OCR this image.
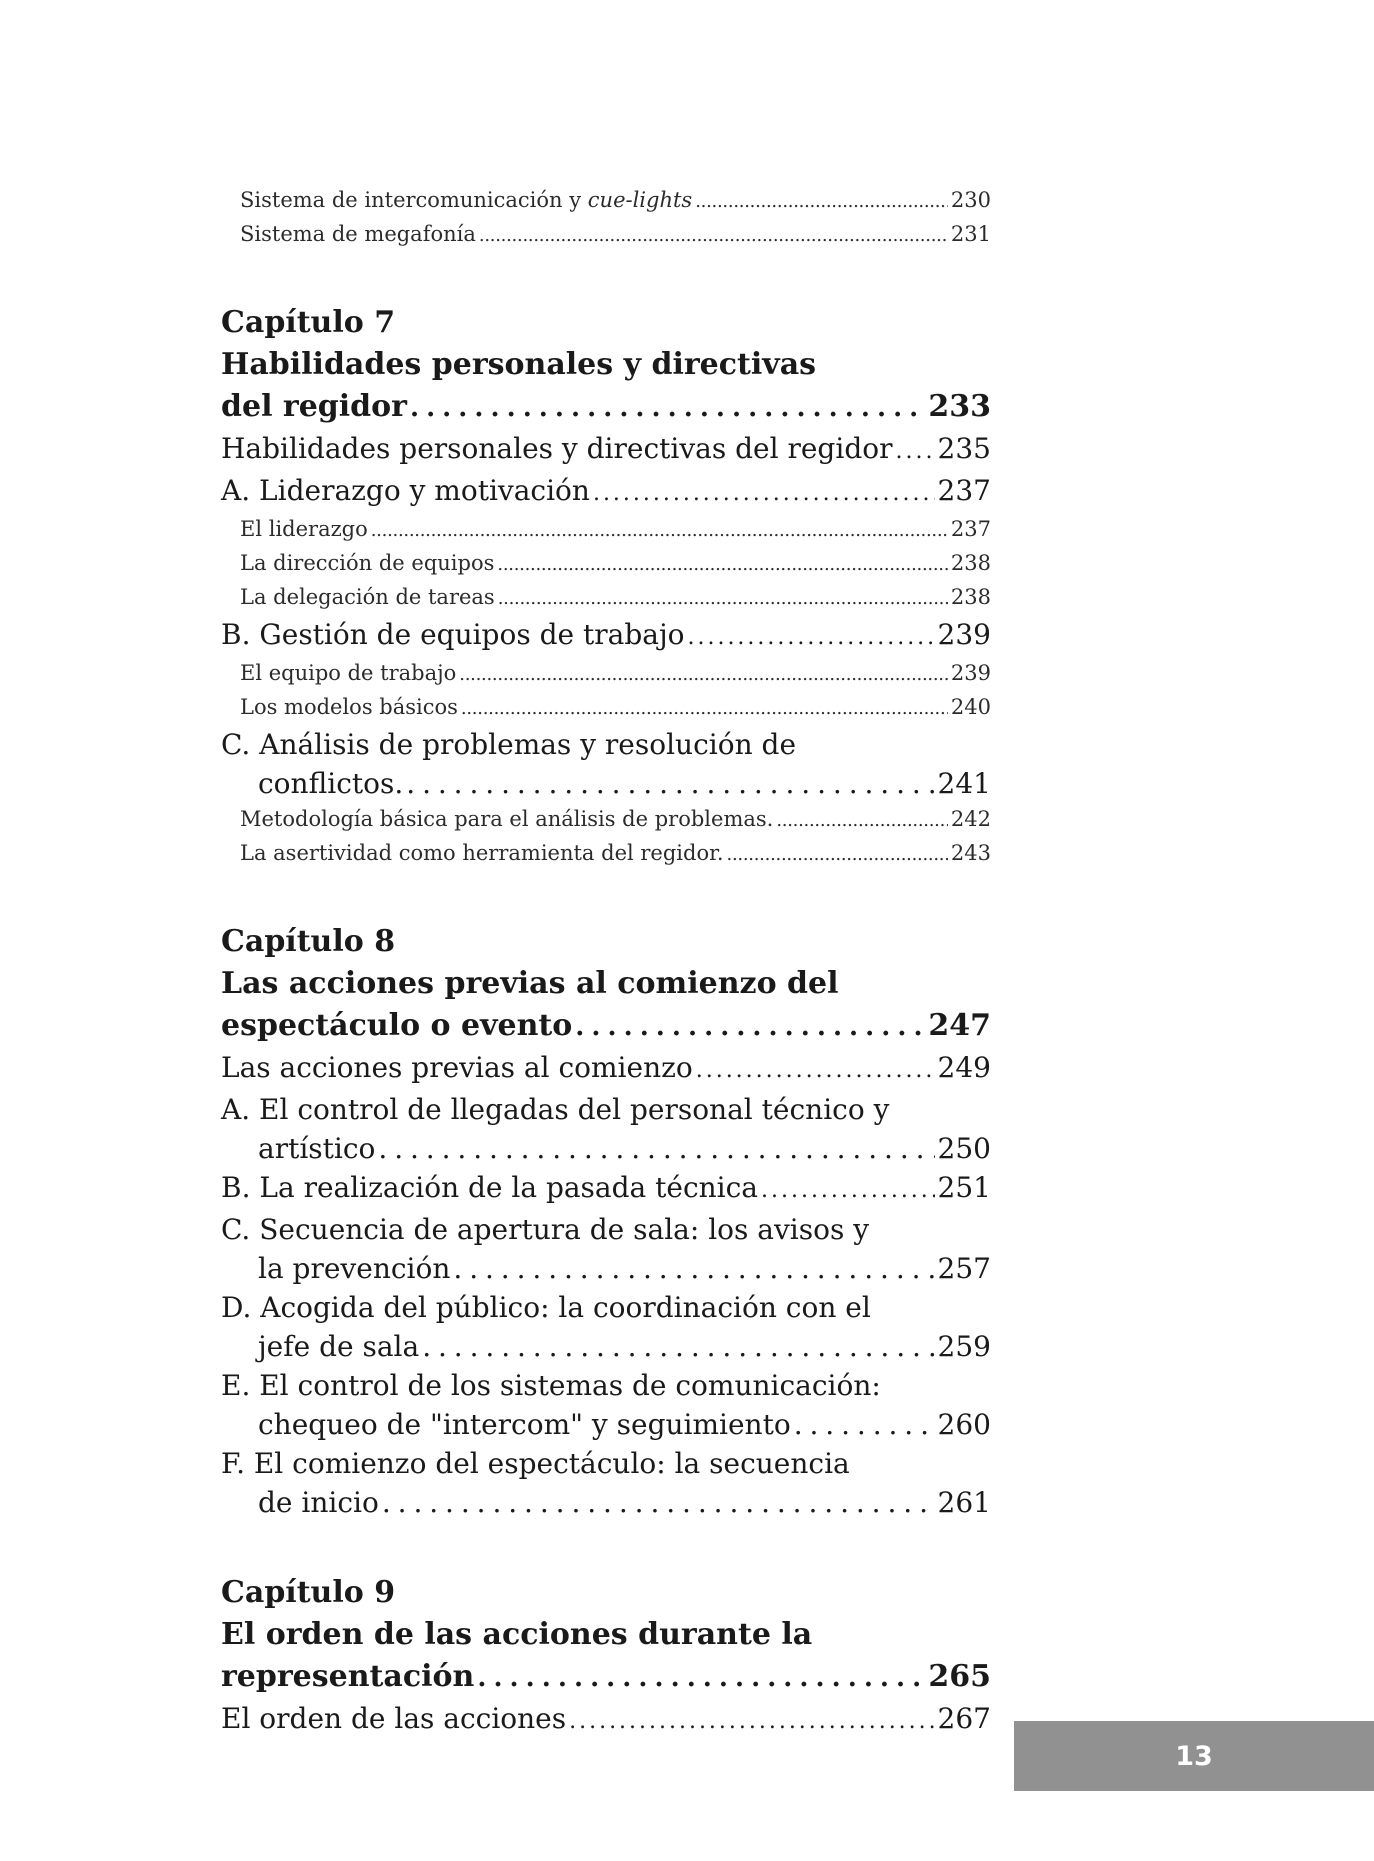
Sistema de intercomunicación y cue-lights . . .	230
Sistema de megafonía . . .	231
Capítulo 7
Habilidades personales y directivas
del regidor . . .	233
Habilidades personales y directivas del regidor . . . 235
A. Liderazgo y motivación . . .	237
El liderazgo . . .	237
La dirección de equipos . . .	238
La delegación de tareas . . .	238
B. Gestión de equipos de trabajo . . .	239
El equipo de trabajo . . .	239
Los modelos básicos . . .	240
C. Análisis de problemas y resolución de
conflictos. . . .	241
Metodología básica para el análisis de problemas. . . .	242
La asertividad como herramienta del regidor. . . .	243
Capítulo 8
Las acciones previas al comienzo del
espectáculo o evento . . .	247
Las acciones previas al comienzo . . .	249
A. El control de llegadas del personal técnico y
artístico . . .	250
B. La realización de la pasada técnica . . .	251
C. Secuencia de apertura de sala: los avisos y
la prevención . . .	257
D. Acogida del público: la coordinación con el
jefe de sala . . .	259
E. El control de los sistemas de comunicación:
chequeo de "intercom" y seguimiento . . .	260
F. El comienzo del espectáculo: la secuencia
de inicio . . .	261
Capítulo 9
El orden de las acciones durante la
representación . . .	265
El orden de las acciones . . .	267
13
